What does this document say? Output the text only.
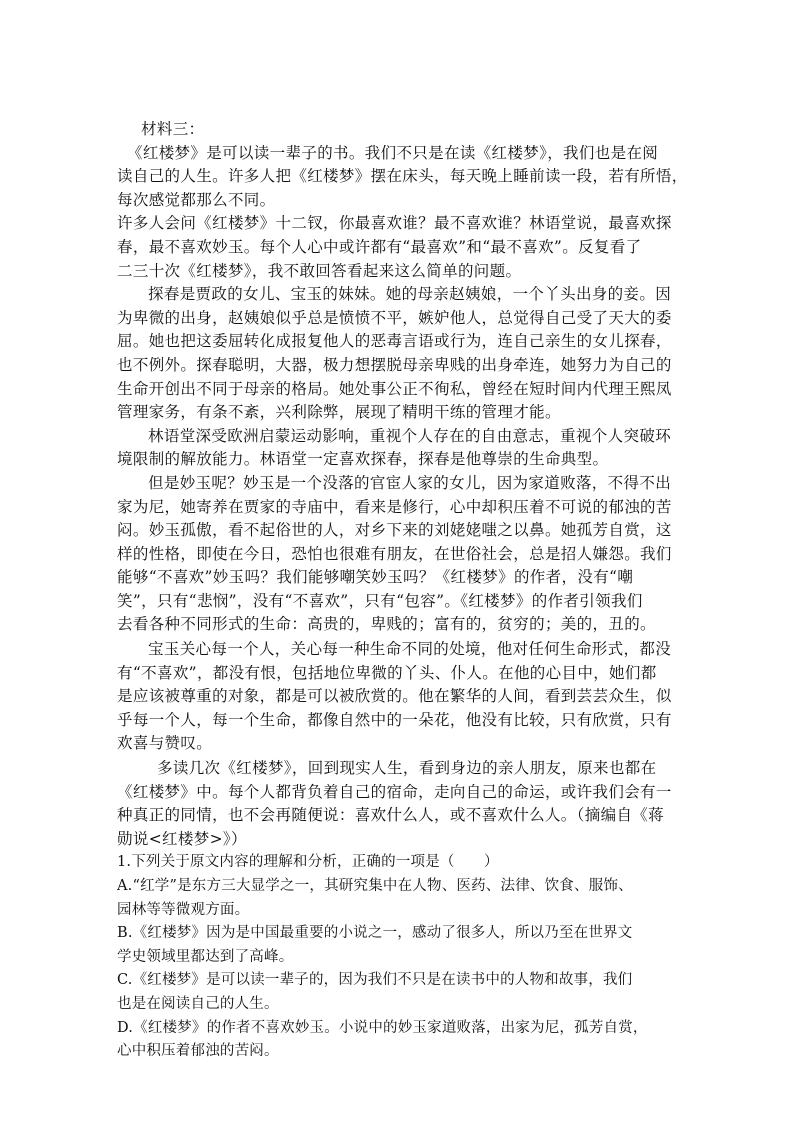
材料三：
《红楼梦》是可以读一辈子的书。我们不只是在读《红楼梦》，我们也是在阅
读自己的人生。许多人把《红楼梦》摆在床头，每天晚上睡前读一段，若有所悟，
每次感觉都那么不同。
许多人会问《红楼梦》十二钗，你最喜欢谁？最不喜欢谁？林语堂说，最喜欢探
春，最不喜欢妙玉。每个人心中或许都有“最喜欢”和“最不喜欢”。反复看了
二三十次《红楼梦》，我不敢回答看起来这么简单的问题。
探春是贾政的女儿、宝玉的妹妹。她的母亲赵姨娘，一个丫头出身的妾。因
为卑微的出身，赵姨娘似乎总是愤愤不平，嫉妒他人，总觉得自己受了天大的委
屈。她也把这委屈转化成报复他人的恶毒言语或行为，连自己亲生的女儿探春，
也不例外。探春聪明，大器，极力想摆脱母亲卑贱的出身牵连，她努力为自己的
生命开创出不同于母亲的格局。她处事公正不徇私，曾经在短时间内代理王熙凤
管理家务，有条不紊，兴利除弊，展现了精明干练的管理才能。
林语堂深受欧洲启蒙运动影响，重视个人存在的自由意志，重视个人突破环
境限制的解放能力。林语堂一定喜欢探春，探春是他尊崇的生命典型。
但是妙玉呢？妙玉是一个没落的官宦人家的女儿，因为家道败落，不得不出
家为尼，她寄养在贾家的寺庙中，看来是修行，心中却积压着不可说的郁浊的苦
闷。妙玉孤傲，看不起俗世的人，对乡下来的刘姥姥嗤之以鼻。她孤芳自赏，这
样的性格，即使在今日，恐怕也很难有朋友，在世俗社会，总是招人嫌怨。我们
能够“不喜欢”妙玉吗？我们能够嘲笑妙玉吗？《红楼梦》的作者，没有“嘲
笑”，只有“悲悯”，没有“不喜欢”，只有“包容”。《红楼梦》的作者引领我们
去看各种不同形式的生命：高贵的，卑贱的；富有的，贫穷的；美的，丑的。
宝玉关心每一个人，关心每一种生命不同的处境，他对任何生命形式，都没
有“不喜欢”，都没有恨，包括地位卑微的丫头、仆人。在他的心目中，她们都
是应该被尊重的对象，都是可以被欣赏的。他在繁华的人间，看到芸芸众生，似
乎每一个人，每一个生命，都像自然中的一朵花，他没有比较，只有欣赏，只有
欢喜与赞叹。
多读几次《红楼梦》，回到现实人生，看到身边的亲人朋友，原来也都在
《红楼梦》中。每个人都背负着自己的宿命，走向自己的命运，或许我们会有一
种真正的同情，也不会再随便说：喜欢什么人，或不喜欢什么人。（摘编自《蒋
勋说<红楼梦>》）
1.下列关于原文内容的理解和分析，正确的一项是（　　）
A.“红学”是东方三大显学之一，其研究集中在人物、医药、法律、饮食、服饰、
园林等等微观方面。
B.《红楼梦》因为是中国最重要的小说之一，感动了很多人，所以乃至在世界文
学史领域里都达到了高峰。
C.《红楼梦》是可以读一辈子的，因为我们不只是在读书中的人物和故事，我们
也是在阅读自己的人生。
D.《红楼梦》的作者不喜欢妙玉。小说中的妙玉家道败落，出家为尼，孤芳自赏，
心中积压着郁浊的苦闷。
